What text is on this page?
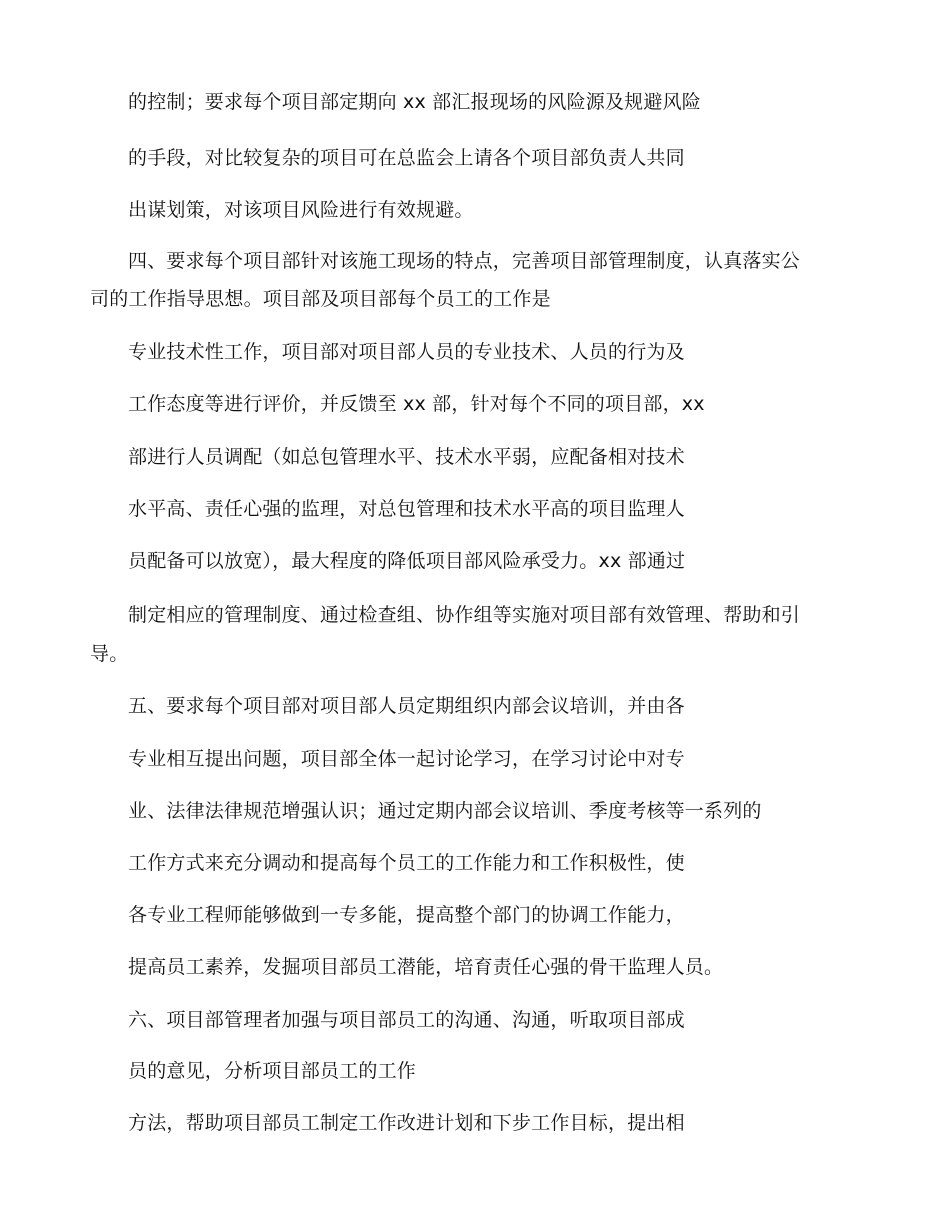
的控制；要求每个项目部定期向 xx 部汇报现场的风险源及规避风险
的手段，对比较复杂的项目可在总监会上请各个项目部负责人共同
出谋划策，对该项目风险进行有效规避。
四、要求每个项目部针对该施工现场的特点，完善项目部管理制度，认真落实公
司的工作指导思想。项目部及项目部每个员工的工作是
专业技术性工作，项目部对项目部人员的专业技术、人员的行为及
工作态度等进行评价，并反馈至 xx 部，针对每个不同的项目部，xx
部进行人员调配（如总包管理水平、技术水平弱，应配备相对技术
水平高、责任心强的监理，对总包管理和技术水平高的项目监理人
员配备可以放宽），最大程度的降低项目部风险承受力。xx 部通过
制定相应的管理制度、通过检查组、协作组等实施对项目部有效管理、帮助和引
导。
五、要求每个项目部对项目部人员定期组织内部会议培训，并由各
专业相互提出问题，项目部全体一起讨论学习，在学习讨论中对专
业、法律法律规范增强认识；通过定期内部会议培训、季度考核等一系列的
工作方式来充分调动和提高每个员工的工作能力和工作积极性，使
各专业工程师能够做到一专多能，提高整个部门的协调工作能力，
提高员工素养，发掘项目部员工潜能，培育责任心强的骨干监理人员。
六、项目部管理者加强与项目部员工的沟通、沟通，听取项目部成
员的意见，分析项目部员工的工作
方法，帮助项目部员工制定工作改进计划和下步工作目标，提出相
